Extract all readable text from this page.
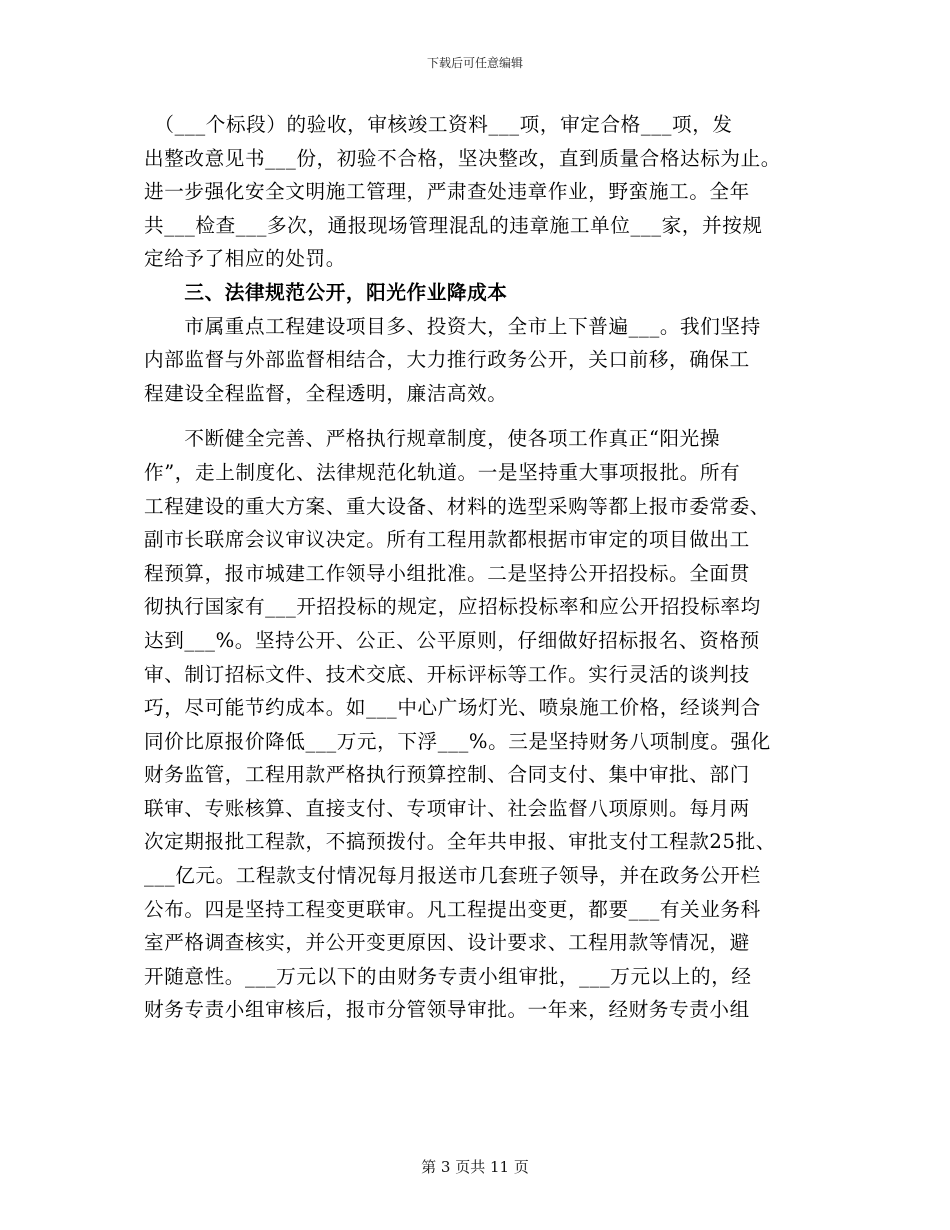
下载后可任意编辑
　（___个标段）的验收，审核竣工资料___项，审定合格___项，发
出整改意见书___份，初验不合格，坚决整改，直到质量合格达标为止。
进一步强化安全文明施工管理，严肃查处违章作业，野蛮施工。全年
共___检查___多次，通报现场管理混乱的违章施工单位___家，并按规
定给予了相应的处罚。
　　三、法律规范公开，阳光作业降成本
　　市属重点工程建设项目多、投资大，全市上下普遍___。我们坚持
内部监督与外部监督相结合，大力推行政务公开，关口前移，确保工
程建设全程监督，全程透明，廉洁高效。
　　不断健全完善、严格执行规章制度，使各项工作真正“阳光操
作”，走上制度化、法律规范化轨道。一是坚持重大事项报批。所有
工程建设的重大方案、重大设备、材料的选型采购等都上报市委常委、
副市长联席会议审议决定。所有工程用款都根据市审定的项目做出工
程预算，报市城建工作领导小组批准。二是坚持公开招投标。全面贯
彻执行国家有___开招投标的规定，应招标投标率和应公开招投标率均
达到___%。坚持公开、公正、公平原则，仔细做好招标报名、资格预
审、制订招标文件、技术交底、开标评标等工作。实行灵活的谈判技
巧，尽可能节约成本。如___中心广场灯光、喷泉施工价格，经谈判合
同价比原报价降低___万元，下浮___%。三是坚持财务八项制度。强化
财务监管，工程用款严格执行预算控制、合同支付、集中审批、部门
联审、专账核算、直接支付、专项审计、社会监督八项原则。每月两
次定期报批工程款，不搞预拨付。全年共申报、审批支付工程款25批、
___亿元。工程款支付情况每月报送市几套班子领导，并在政务公开栏
公布。四是坚持工程变更联审。凡工程提出变更，都要___有关业务科
室严格调查核实，并公开变更原因、设计要求、工程用款等情况，避
开随意性。___万元以下的由财务专责小组审批，___万元以上的，经
财务专责小组审核后，报市分管领导审批。一年来，经财务专责小组
第 3 页共 11 页
